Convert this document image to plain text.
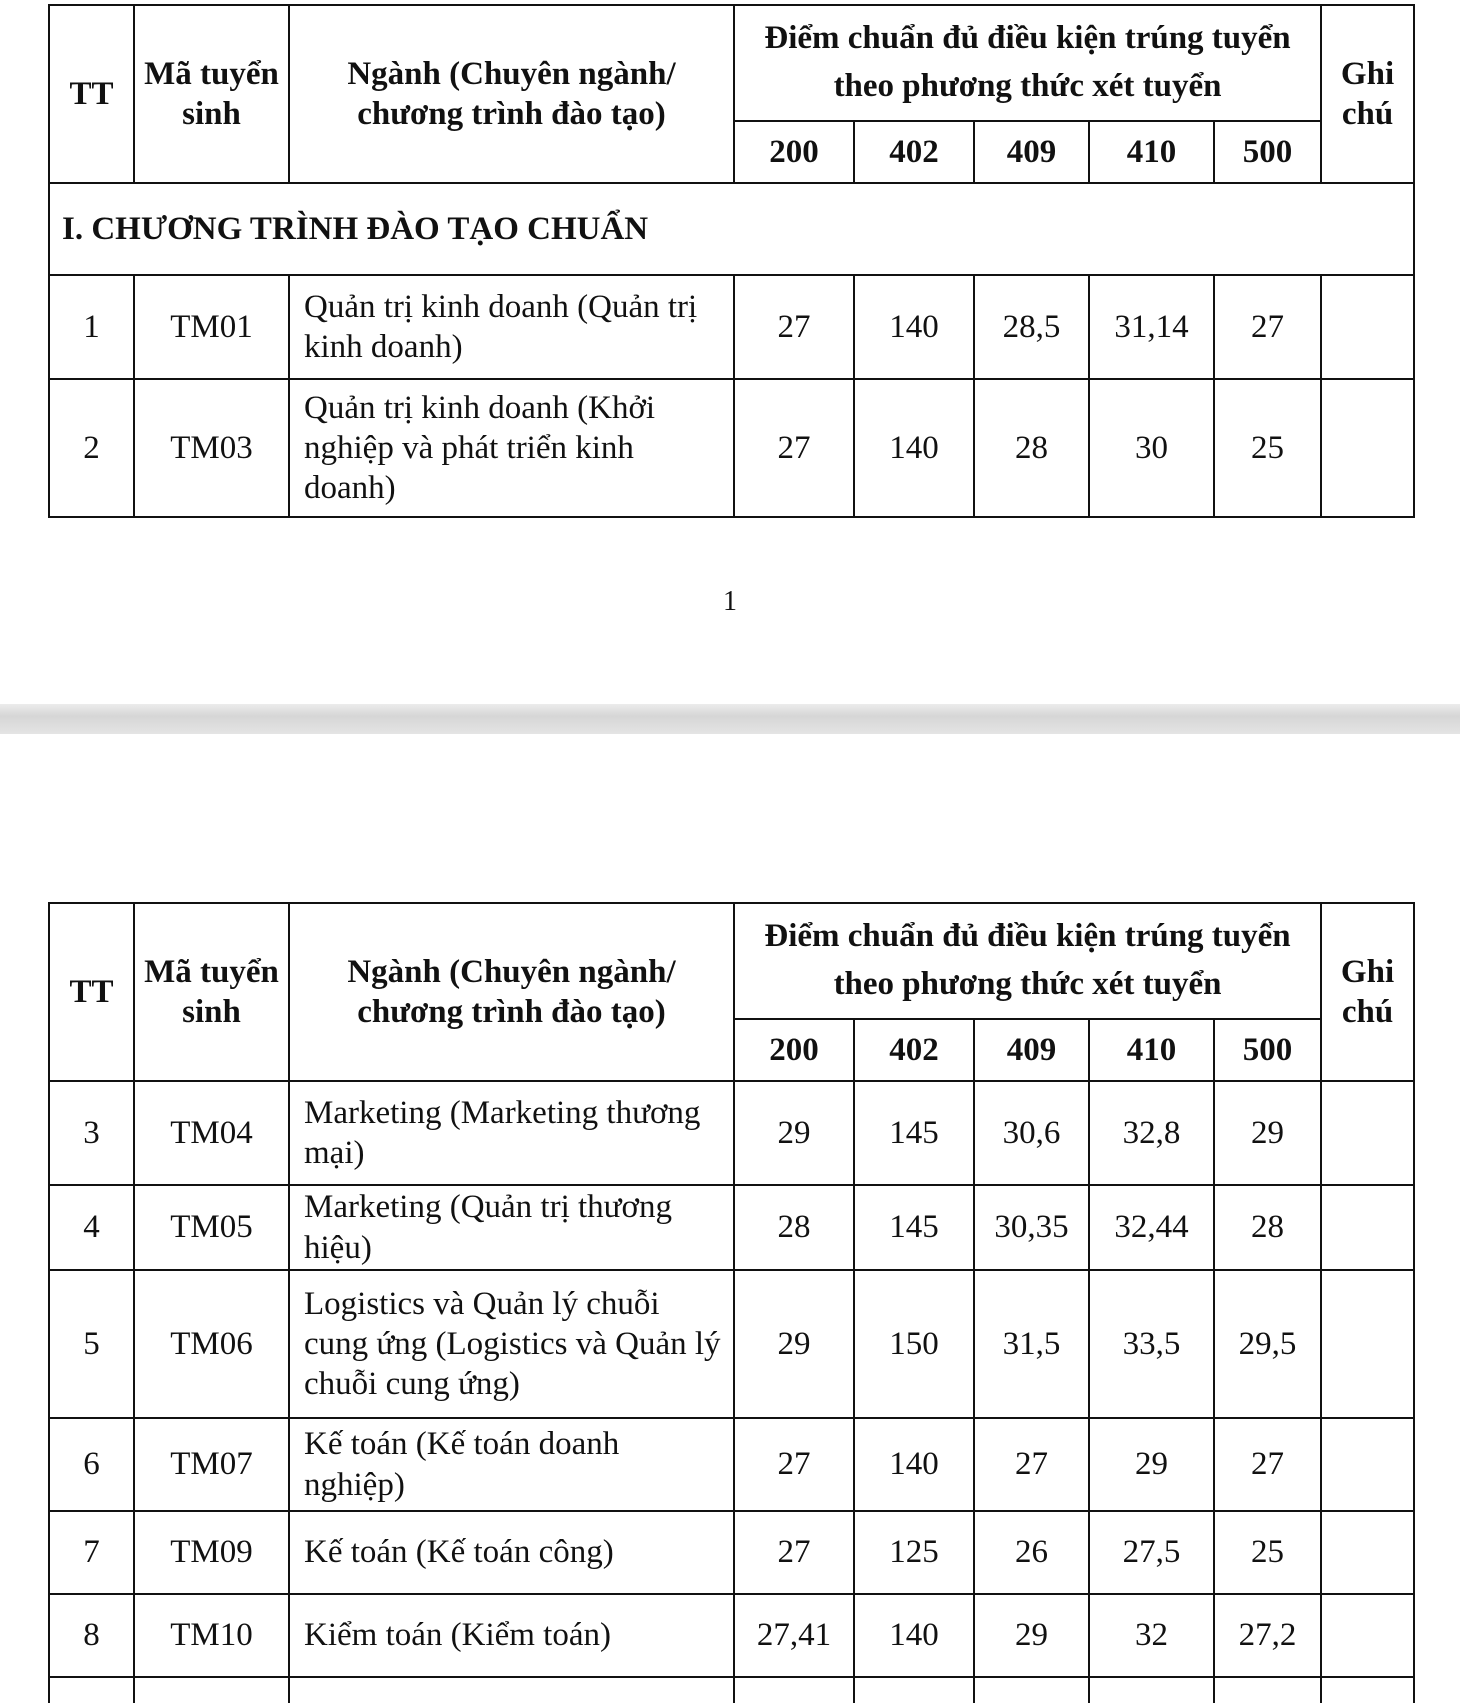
TT	Mã tuyển sinh	Ngành (Chuyên ngành/ chương trình đào tạo)	Điểm chuẩn đủ điều kiện trúng tuyển theo phương thức xét tuyển					Ghi chú
			200	402	409	410	500	
I. CHƯƠNG TRÌNH ĐÀO TẠO CHUẨN								
1	TM01	Quản trị kinh doanh (Quản trị kinh doanh)	27	140	28,5	31,14	27	
2	TM03	Quản trị kinh doanh (Khởi nghiệp và phát triển kinh doanh)	27	140	28	30	25	
1
TT	Mã tuyển sinh	Ngành (Chuyên ngành/ chương trình đào tạo)	Điểm chuẩn đủ điều kiện trúng tuyển theo phương thức xét tuyển					Ghi chú
			200	402	409	410	500	
3	TM04	Marketing (Marketing thương mại)	29	145	30,6	32,8	29	
4	TM05	Marketing (Quản trị thương hiệu)	28	145	30,35	32,44	28	
5	TM06	Logistics và Quản lý chuỗi cung ứng (Logistics và Quản lý chuỗi cung ứng)	29	150	31,5	33,5	29,5	
6	TM07	Kế toán (Kế toán doanh nghiệp)	27	140	27	29	27	
7	TM09	Kế toán (Kế toán công)	27	125	26	27,5	25	
8	TM10	Kiểm toán (Kiểm toán)	27,41	140	29	32	27,2	
